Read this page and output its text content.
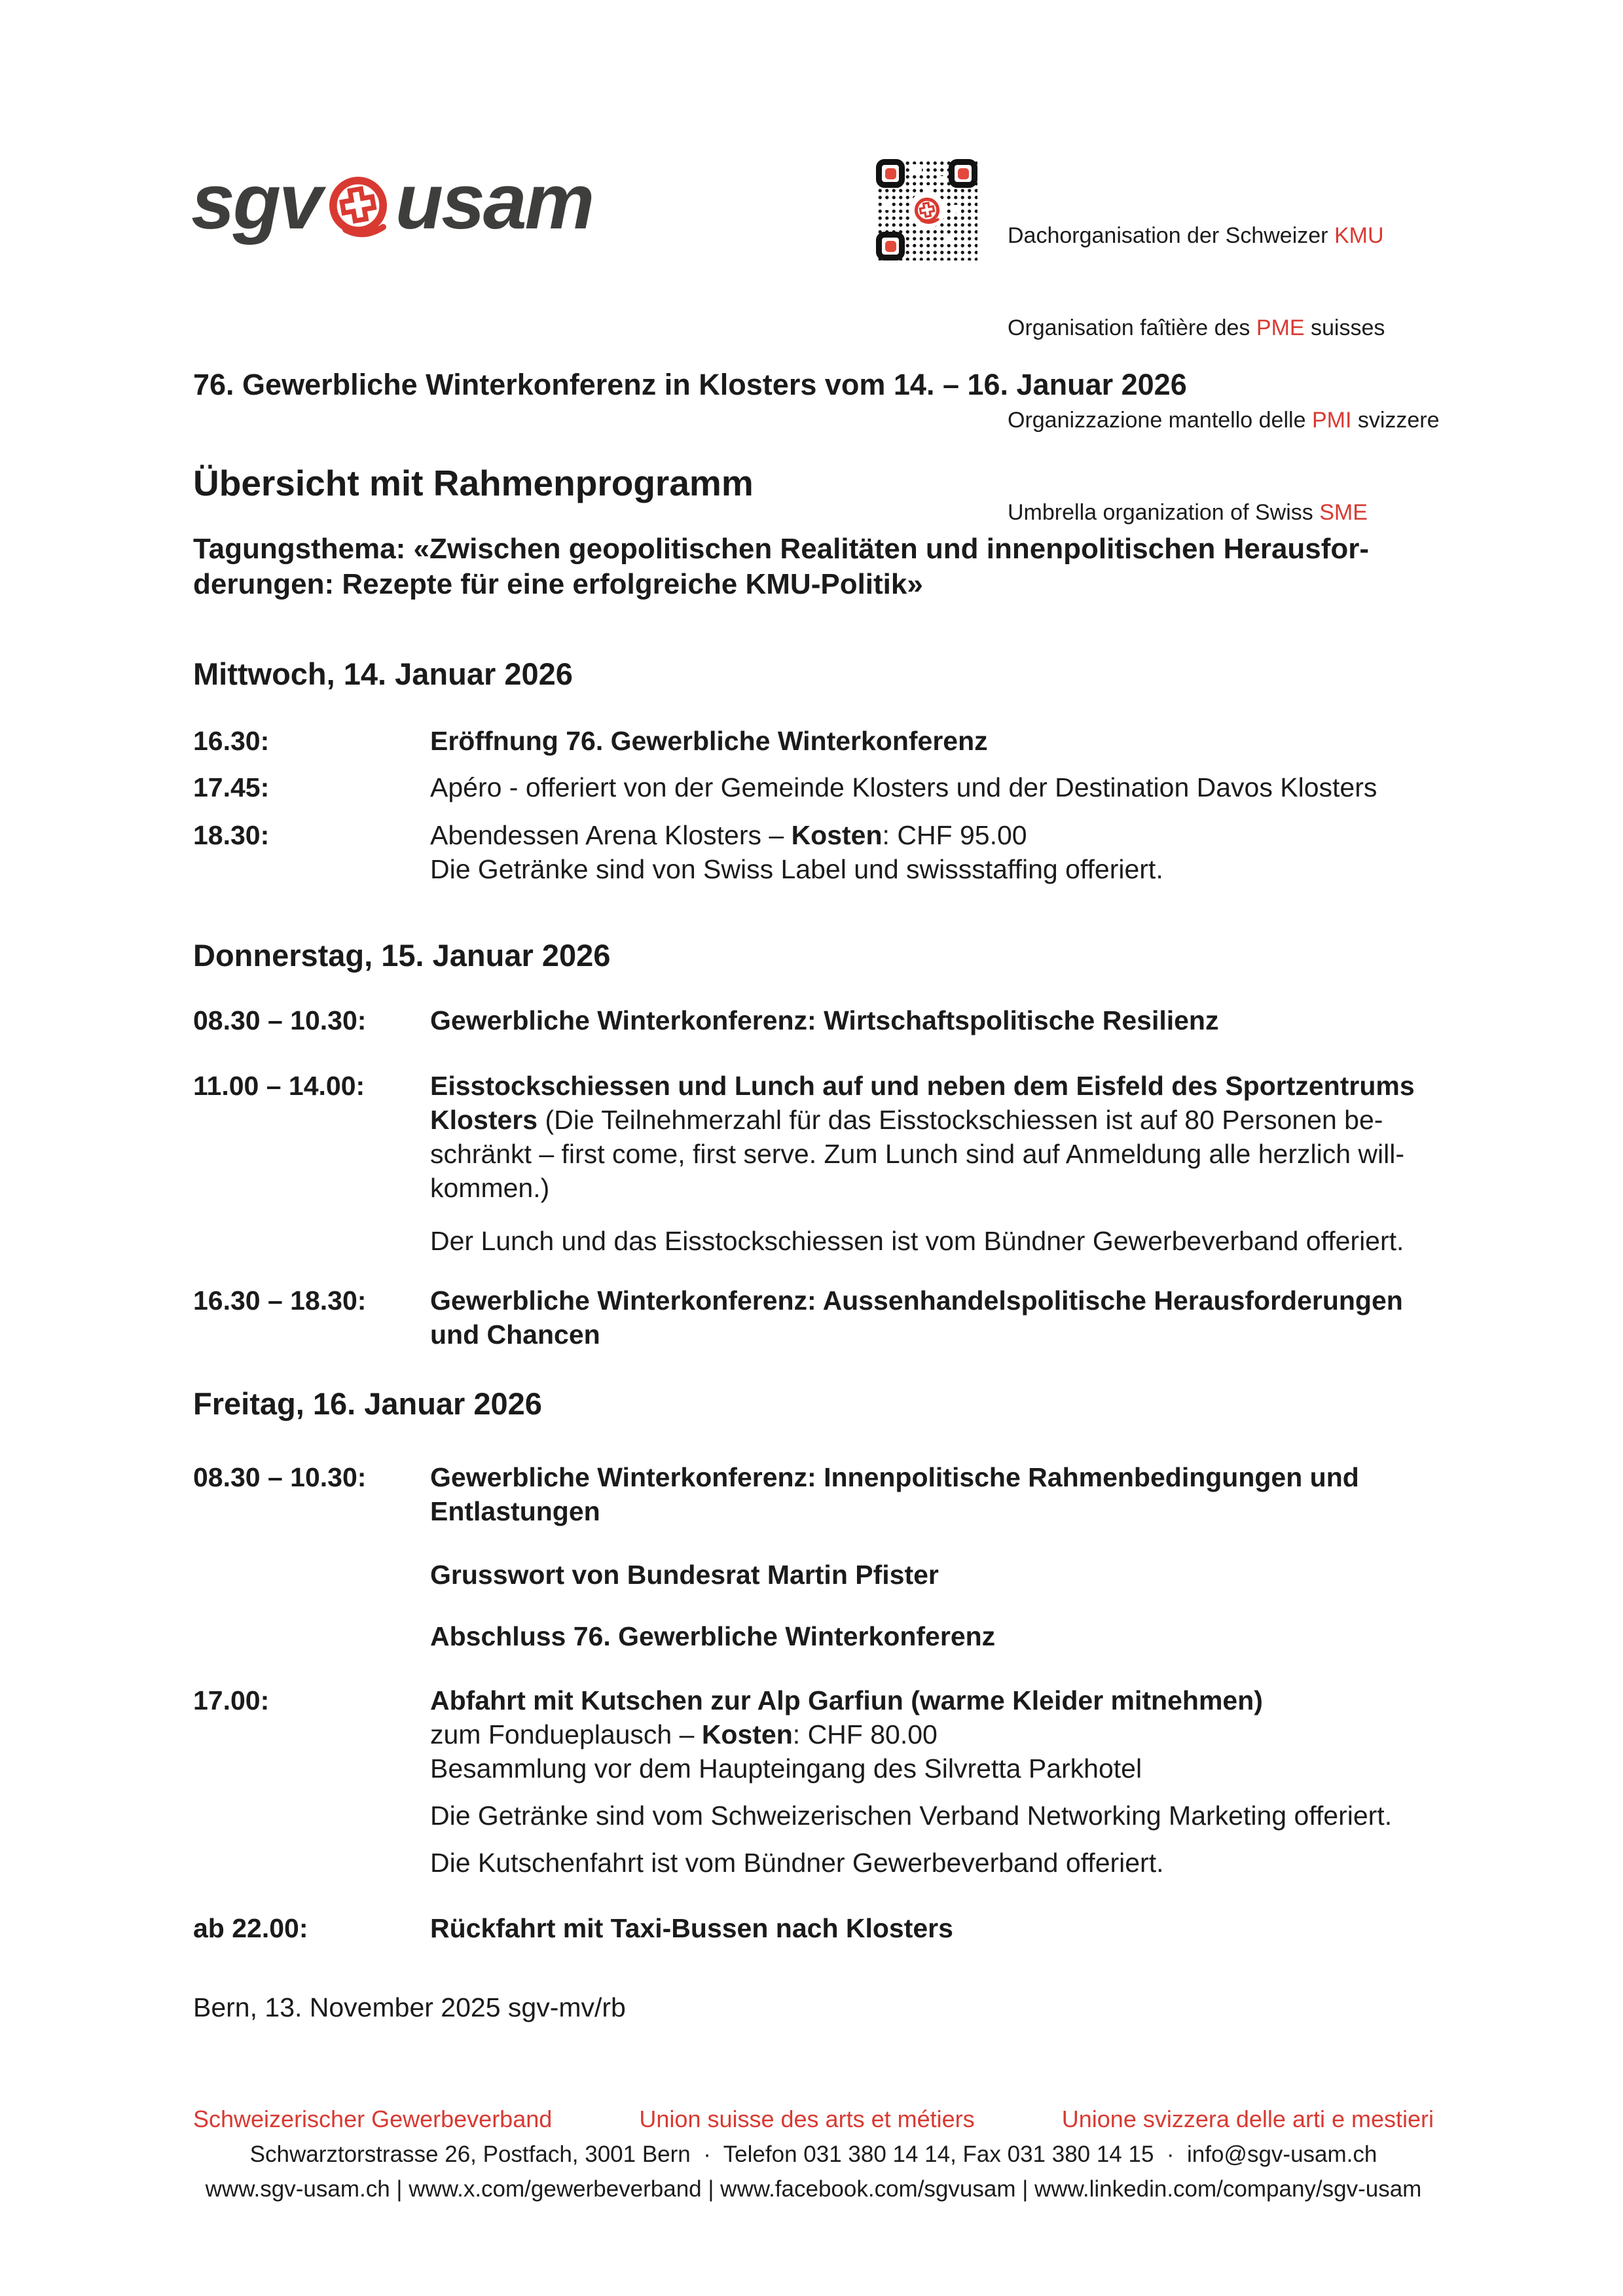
sgv usam

	Dachorganisation der Schweizer KMU

Organisation faîtière des PME suisses

Organizzazione mantello delle PMI svizzere

Umbrella organization of Swiss SME

76. Gewerbliche Winterkonferenz in Klosters vom 14. – 16. Januar 2026

Übersicht mit Rahmenprogramm

Tagungsthema: «Zwischen geopolitischen Realitäten und innenpolitischen Herausfor-
derungen: Rezepte für eine erfolgreiche KMU-Politik»

Mittwoch, 14. Januar 2026
16.30:	Eröffnung 76. Gewerbliche Winterkonferenz
17.45:	Apéro - offeriert von der Gemeinde Klosters und der Destination Davos Klosters
18.30:	Abendessen Arena Klosters – Kosten: CHF 95.00
Die Getränke sind von Swiss Label und swissstaffing offeriert.
Donnerstag, 15. Januar 2026
08.30 – 10.30:	Gewerbliche Winterkonferenz: Wirtschaftspolitische Resilienz
11.00 – 14.00:	Eisstockschiessen und Lunch auf und neben dem Eisfeld des Sportzentrums
Klosters (Die Teilnehmerzahl für das Eisstockschiessen ist auf 80 Personen be-
schränkt – first come, first serve. Zum Lunch sind auf Anmeldung alle herzlich will-
kommen.)
Der Lunch und das Eisstockschiessen ist vom Bündner Gewerbeverband offeriert.
16.30 – 18.30:	Gewerbliche Winterkonferenz: Aussenhandelspolitische Herausforderungen
und Chancen
Freitag, 16. Januar 2026
08.30 – 10.30:	Gewerbliche Winterkonferenz: Innenpolitische Rahmenbedingungen und
Entlastungen
Grusswort von Bundesrat Martin Pfister
Abschluss 76. Gewerbliche Winterkonferenz
17.00:	Abfahrt mit Kutschen zur Alp Garfiun (warme Kleider mitnehmen)
zum Fondueplausch – Kosten: CHF 80.00
Besammlung vor dem Haupteingang des Silvretta Parkhotel
Die Getränke sind vom Schweizerischen Verband Networking Marketing offeriert.
Die Kutschenfahrt ist vom Bündner Gewerbeverband offeriert.
ab 22.00:	Rückfahrt mit Taxi-Bussen nach Klosters
Bern, 13. November 2025 sgv-mv/rb
Schweizerischer Gewerbeverband	Union suisse des arts et métiers	Unione svizzera delle arti e mestieri
Schwarztorstrasse 26, Postfach, 3001 Bern  ·  Telefon 031 380 14 14, Fax 031 380 14 15  ·  info@sgv-usam.ch
www.sgv-usam.ch | www.x.com/gewerbeverband | www.facebook.com/sgvusam | www.linkedin.com/company/sgv-usam
